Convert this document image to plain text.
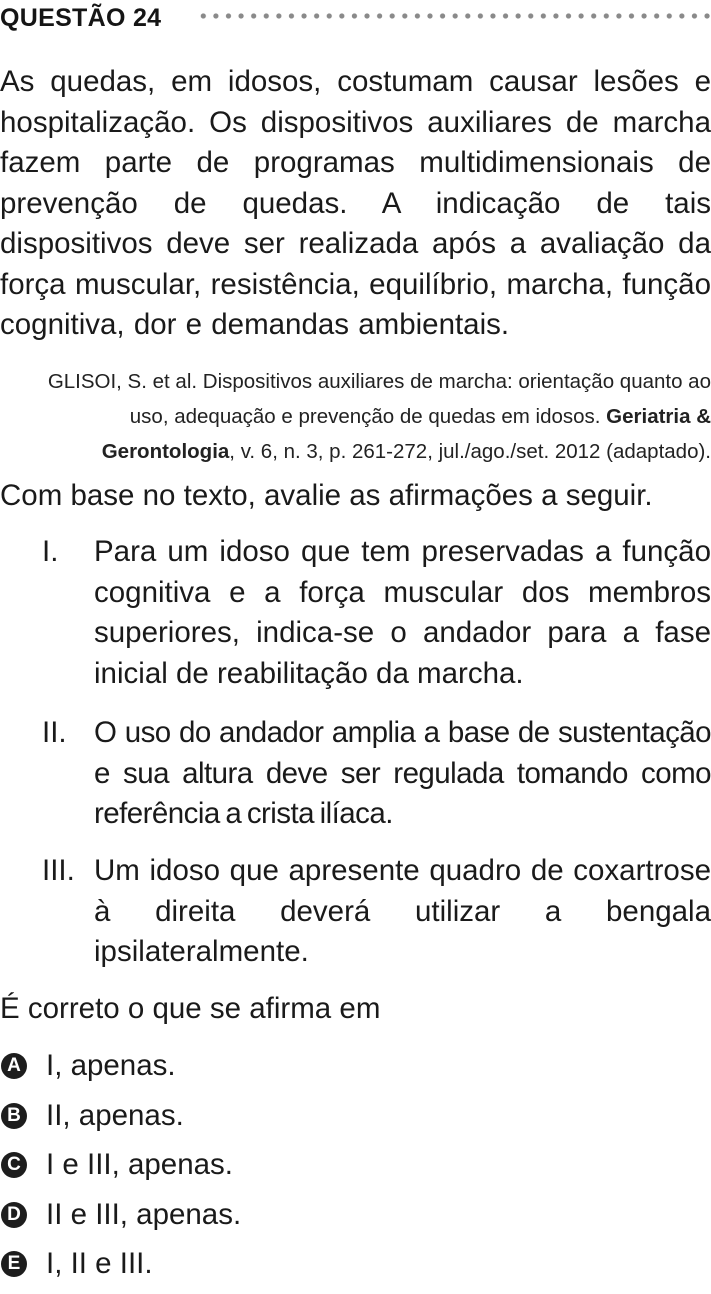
QUESTÃO 24
As quedas, em idosos, costumam causar lesões e hospitalização. Os dispositivos auxiliares de marcha fazem parte de programas multidimensionais de prevenção de quedas. A indicação de tais dispositivos deve ser realizada após a avaliação da força muscular, resistência, equilíbrio, marcha, função cognitiva, dor e demandas ambientais.
GLISOI, S. et al. Dispositivos auxiliares de marcha: orientação quanto ao uso, adequação e prevenção de quedas em idosos. Geriatria & Gerontologia, v. 6, n. 3, p. 261-272, jul./ago./set. 2012 (adaptado).
Com base no texto, avalie as afirmações a seguir.
I.	Para um idoso que tem preservadas a função cognitiva e a força muscular dos membros superiores, indica-se o andador para a fase inicial de reabilitação da marcha.
II. O uso do andador amplia a base de sustentação e sua altura deve ser regulada tomando como referência a crista ilíaca.
III. Um idoso que apresente quadro de coxartrose à direita deverá utilizar a bengala ipsilateralmente.
É correto o que se afirma em
A I, apenas.
B II, apenas.
C I e III, apenas.
D II e III, apenas.
E I, II e III.
